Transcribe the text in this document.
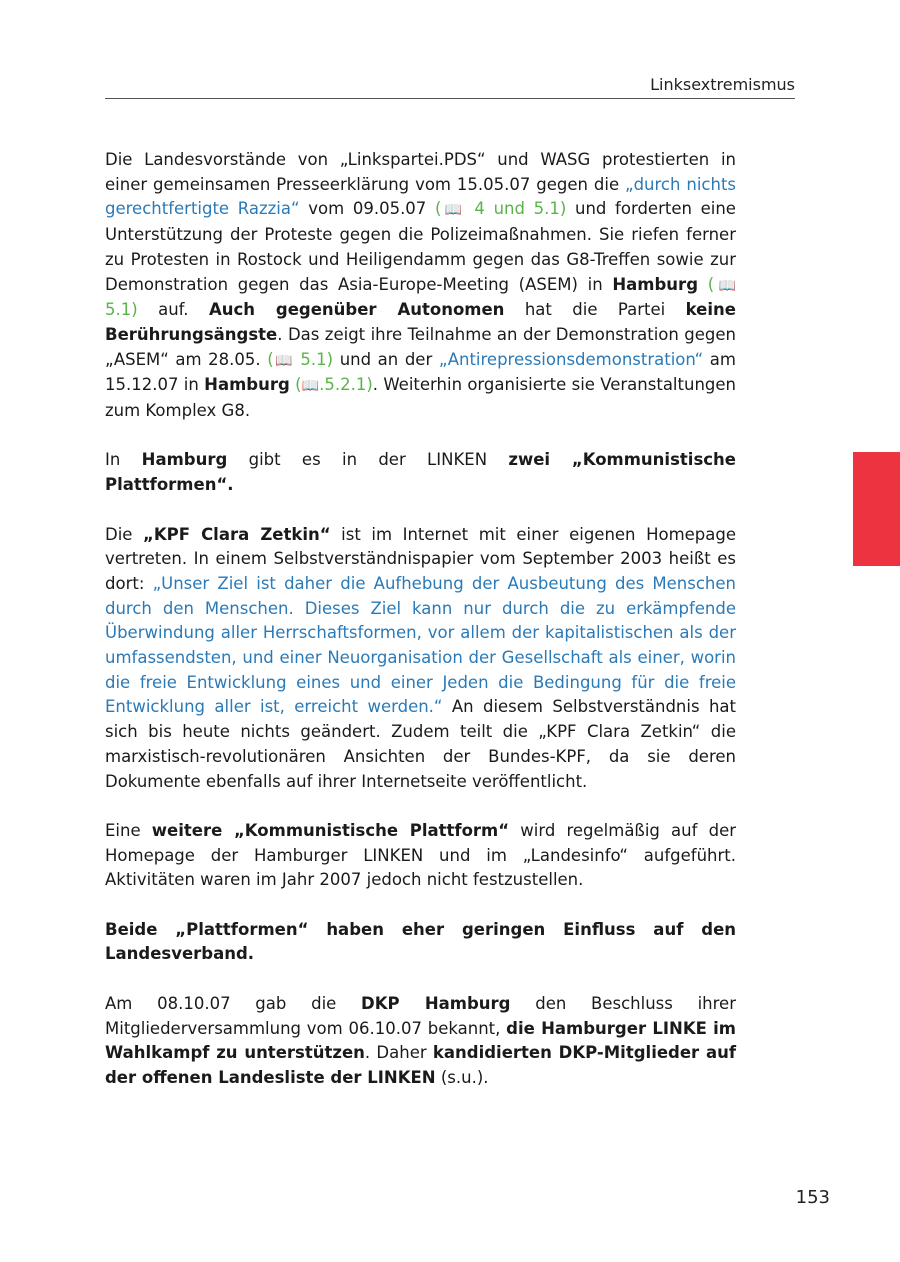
Linksextremismus

Die Landesvorstände von „Linkspartei.PDS“ und WASG protestierten in einer gemeinsamen Presseerklärung vom 15.05.07 gegen die „durch nichts gerechtfertigte Razzia“ vom 09.05.07 (📖 4 und 5.1) und forderten eine Unterstützung der Proteste gegen die Polizeimaßnahmen. Sie riefen ferner zu Protesten in Rostock und Heiligendamm gegen das G8-Treffen sowie zur Demonstration gegen das Asia-Europe-Meeting (ASEM) in Hamburg (📖 5.1) auf. Auch gegenüber Autonomen hat die Partei keine Berührungsängste. Das zeigt ihre Teilnahme an der Demonstration gegen „ASEM“ am 28.05. (📖 5.1) und an der „Antirepressionsdemonstration“ am 15.12.07 in Hamburg (📖.5.2.1). Weiterhin organisierte sie Veranstaltungen zum Komplex G8.

In Hamburg gibt es in der LINKEN zwei „Kommunistische Plattformen“.

Die „KPF Clara Zetkin“ ist im Internet mit einer eigenen Homepage vertreten. In einem Selbstverständnispapier vom September 2003 heißt es dort: „Unser Ziel ist daher die Aufhebung der Ausbeutung des Menschen durch den Menschen. Dieses Ziel kann nur durch die zu erkämpfende Überwindung aller Herrschaftsformen, vor allem der kapitalistischen als der umfassendsten, und einer Neuorganisation der Gesellschaft als einer, worin die freie Entwicklung eines und einer Jeden die Bedingung für die freie Entwicklung aller ist, erreicht werden.“ An diesem Selbstverständnis hat sich bis heute nichts geändert. Zudem teilt die „KPF Clara Zetkin“ die marxistisch-revolutionären Ansichten der Bundes-KPF, da sie deren Dokumente ebenfalls auf ihrer Internetseite veröffentlicht.

Eine weitere „Kommunistische Plattform“ wird regelmäßig auf der Homepage der Hamburger LINKEN und im „Landesinfo“ aufgeführt. Aktivitäten waren im Jahr 2007 jedoch nicht festzustellen.

Beide „Plattformen“ haben eher geringen Einfluss auf den Landesverband.

Am 08.10.07 gab die DKP Hamburg den Beschluss ihrer Mitgliederversammlung vom 06.10.07 bekannt, die Hamburger LINKE im Wahlkampf zu unterstützen. Daher kandidierten DKP-Mitglieder auf der offenen Landesliste der LINKEN (s.u.).

153
